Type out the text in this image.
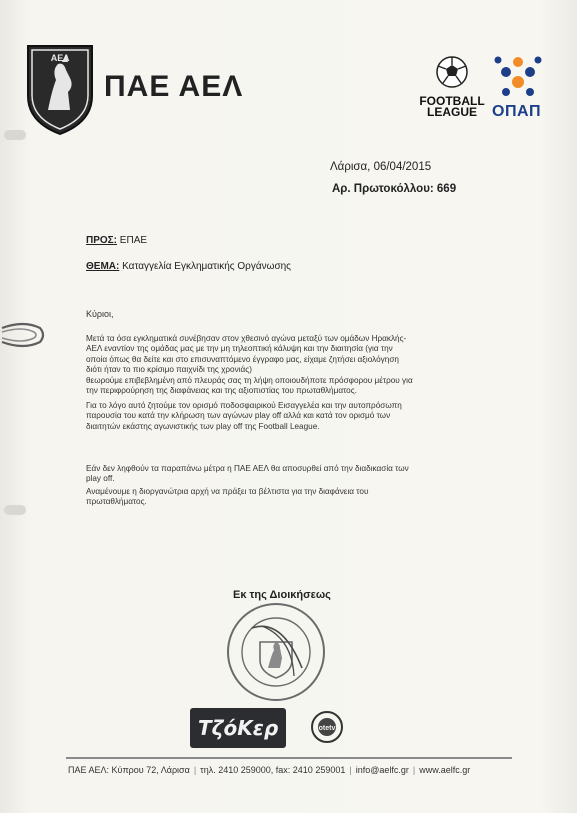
ΑΕΛ
ΠΑΕ ΑΕΛ	FOOTBALL
LEAGUE ΟΠΑΠ
Λάρισα, 06/04/2015
Αρ. Πρωτοκόλλου: 669
ΠΡΟΣ: ΕΠΑΕ
ΘΕΜΑ: Καταγγελία Εγκληματικής Οργάνωσης
Κύριοι,
Μετά τα όσα εγκληματικά συνέβησαν στον χθεσινό αγώνα μεταξύ των ομάδων Ηρακλής-
ΑΕΛ εναντίον της ομάδας μας με την μη τηλεοπτική κάλυψη και την διαιτησία (για την
οποία όπως θα δείτε και στο επισυναπτόμενο έγγραφο μας, είχαμε ζητήσει αξιολόγηση
διότι ήταν το πιο κρίσιμο παιχνίδι της χρονιάς)
θεωρούμε επιβεβλημένη από πλευράς σας τη λήψη οποιουδήποτε πρόσφορου μέτρου για
την περιφρούρηση της διαφάνειας και της αξιοπιστίας του πρωταθλήματος.
Για το λόγο αυτό ζητούμε τον ορισμό ποδοσφαιρικού Εισαγγελέα και την αυτοπρόσωπη
παρουσία του κατά την κλήρωση των αγώνων play off αλλά και κατά τον ορισμό των
διαιτητών εκάστης αγωνιστικής των play off της Football League.
Εάν δεν ληφθούν τα παραπάνω μέτρα η ΠΑΕ ΑΕΛ θα αποσυρθεί από την διαδικασία των
play off.
Αναμένουμε η διοργανώτρια αρχή να πράξει τα βέλτιστα για την διαφάνεια του
πρωταθλήματος.
Εκ της Διοικήσεως
ΤζόΚερ	otetv
ΠΑΕ ΑΕΛ: Κύπρου 72, Λάρισα | τηλ. 2410 259000, fax: 2410 259001 | info@aelfc.gr | www.aelfc.gr
